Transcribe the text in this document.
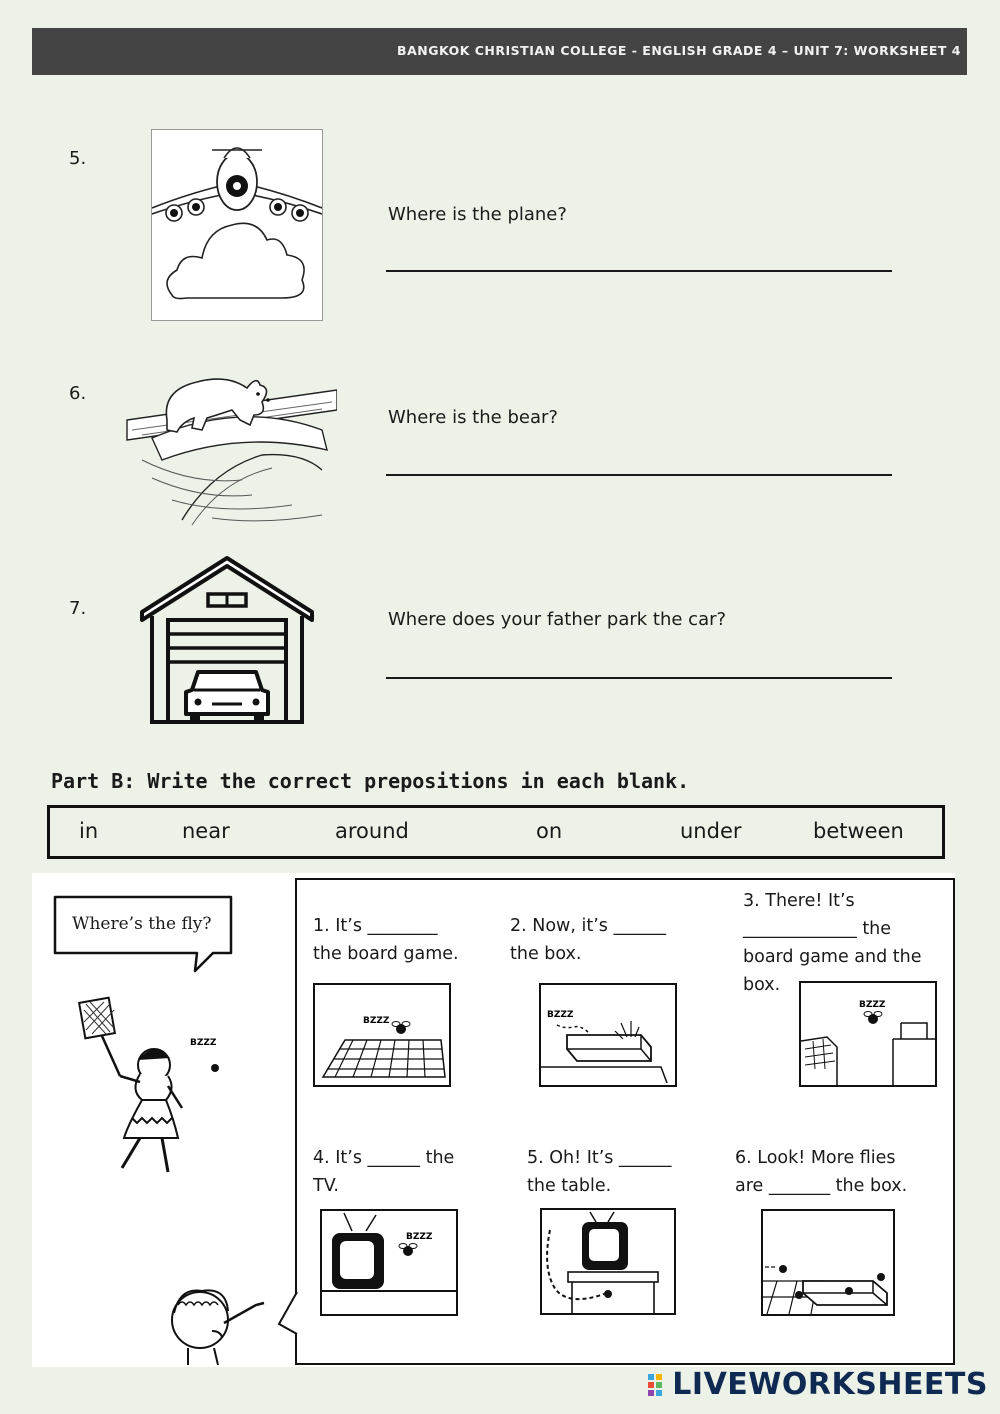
BANGKOK CHRISTIAN COLLEGE - ENGLISH GRADE 4 – UNIT 7: WORKSHEET 4
5.
Where is the plane?
6.
Where is the bear?
7.
Where does your father park the car?
Part B: Write the correct prepositions in each blank.
in	near	around	on	under	between
Where’s the fly?
BZZZ
1. It’s ________
the board game.
BZZZ
2. Now, it’s ______
the box.
BZZZ
3. There! It’s
_____________ the
board game and the
box.
BZZZ
4. It’s ______ the
TV.
BZZZ
5. Oh! It’s ______
the table.
6. Look! More flies
are _______ the box.
LIVEWORKSHEETS
